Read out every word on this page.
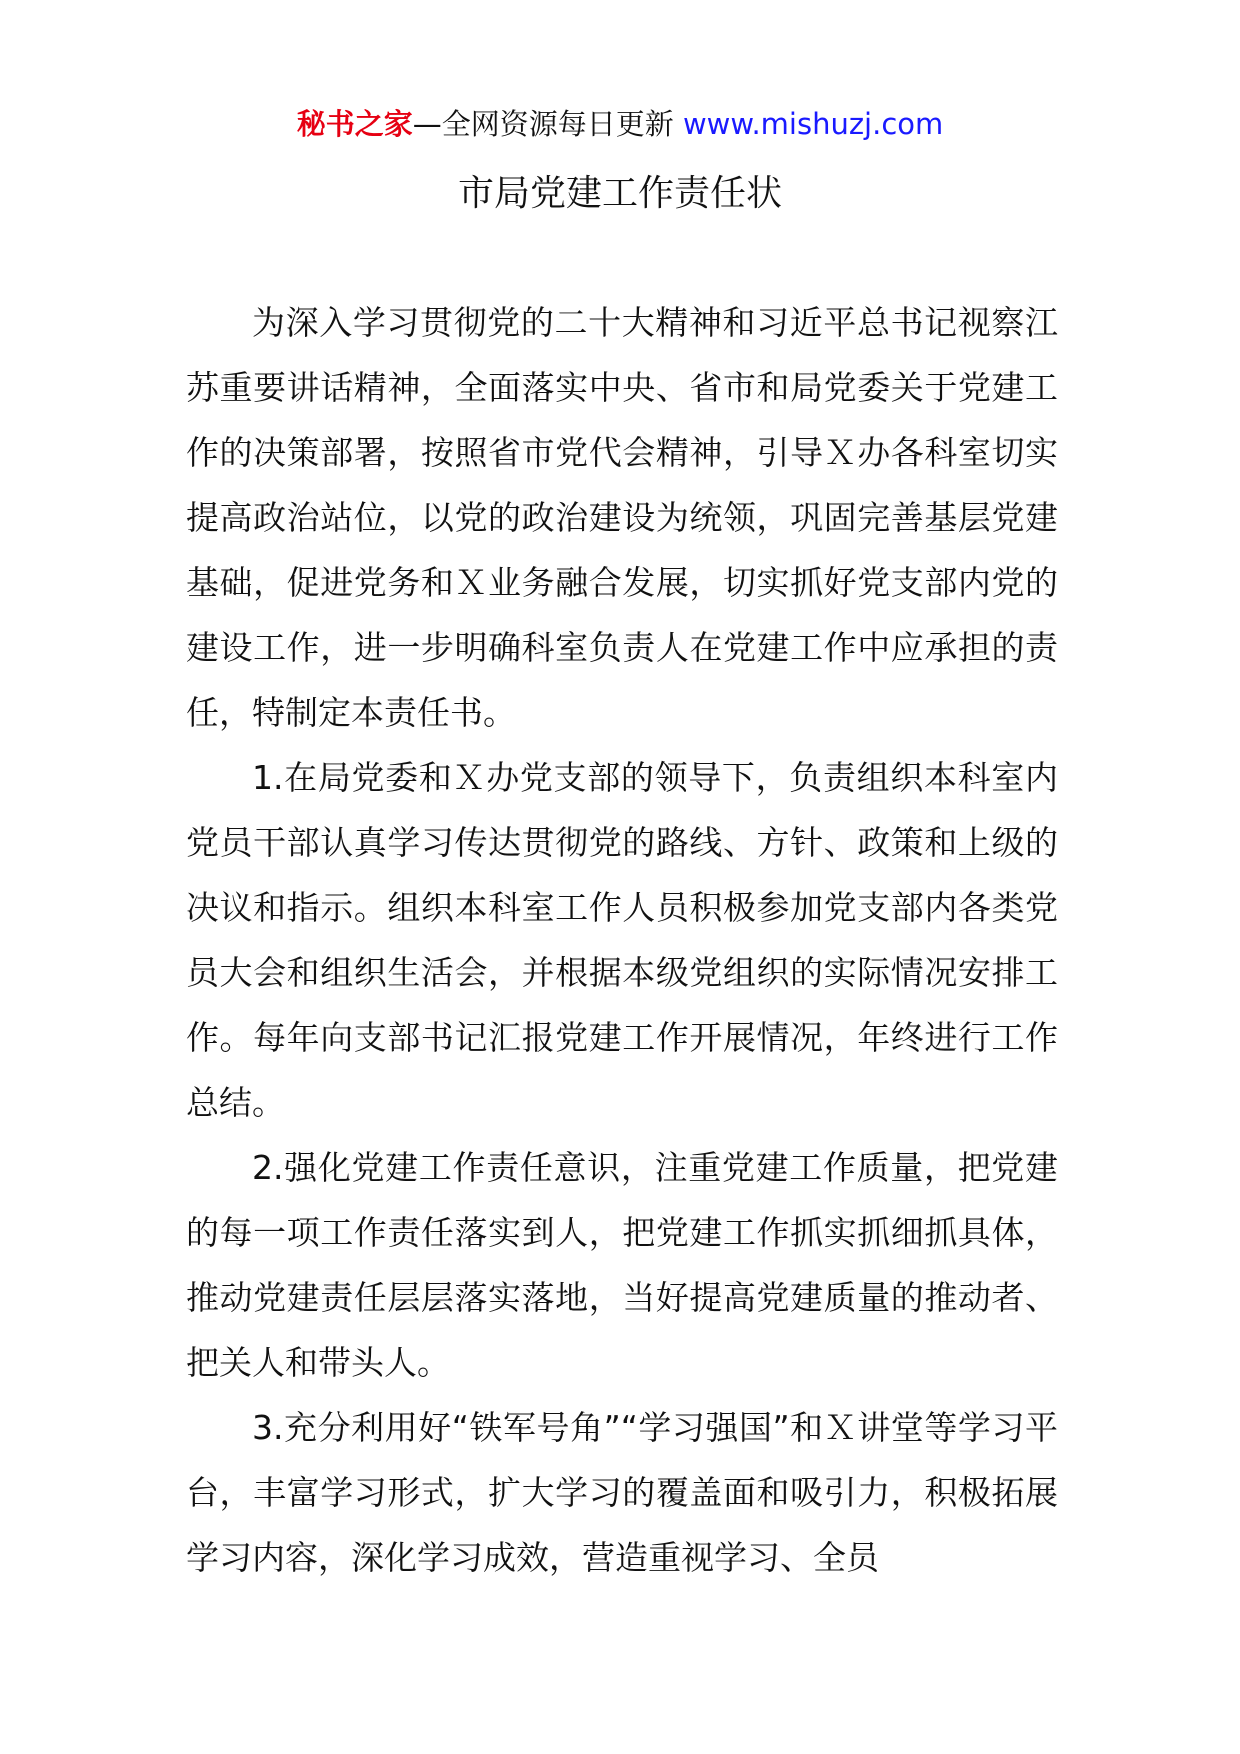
秘书之家—全网资源每日更新 www.mishuzj.com
市局党建工作责任状

为深入学习贯彻党的二十大精神和习近平总书记视察江苏重要讲话精神，全面落实中央、省市和局党委关于党建工作的决策部署，按照省市党代会精神，引导Ｘ办各科室切实提高政治站位，以党的政治建设为统领，巩固完善基层党建基础，促进党务和Ｘ业务融合发展，切实抓好党支部内党的建设工作，进一步明确科室负责人在党建工作中应承担的责任，特制定本责任书。

1.在局党委和Ｘ办党支部的领导下，负责组织本科室内党员干部认真学习传达贯彻党的路线、方针、政策和上级的决议和指示。组织本科室工作人员积极参加党支部内各类党员大会和组织生活会，并根据本级党组织的实际情况安排工作。每年向支部书记汇报党建工作开展情况，年终进行工作总结。

2.强化党建工作责任意识，注重党建工作质量，把党建的每一项工作责任落实到人，把党建工作抓实抓细抓具体，推动党建责任层层落实落地，当好提高党建质量的推动者、把关人和带头人。

3.充分利用好“铁军号角”“学习强国”和Ｘ讲堂等学习平台，丰富学习形式，扩大学习的覆盖面和吸引力，积极拓展学习内容，深化学习成效，营造重视学习、全员
